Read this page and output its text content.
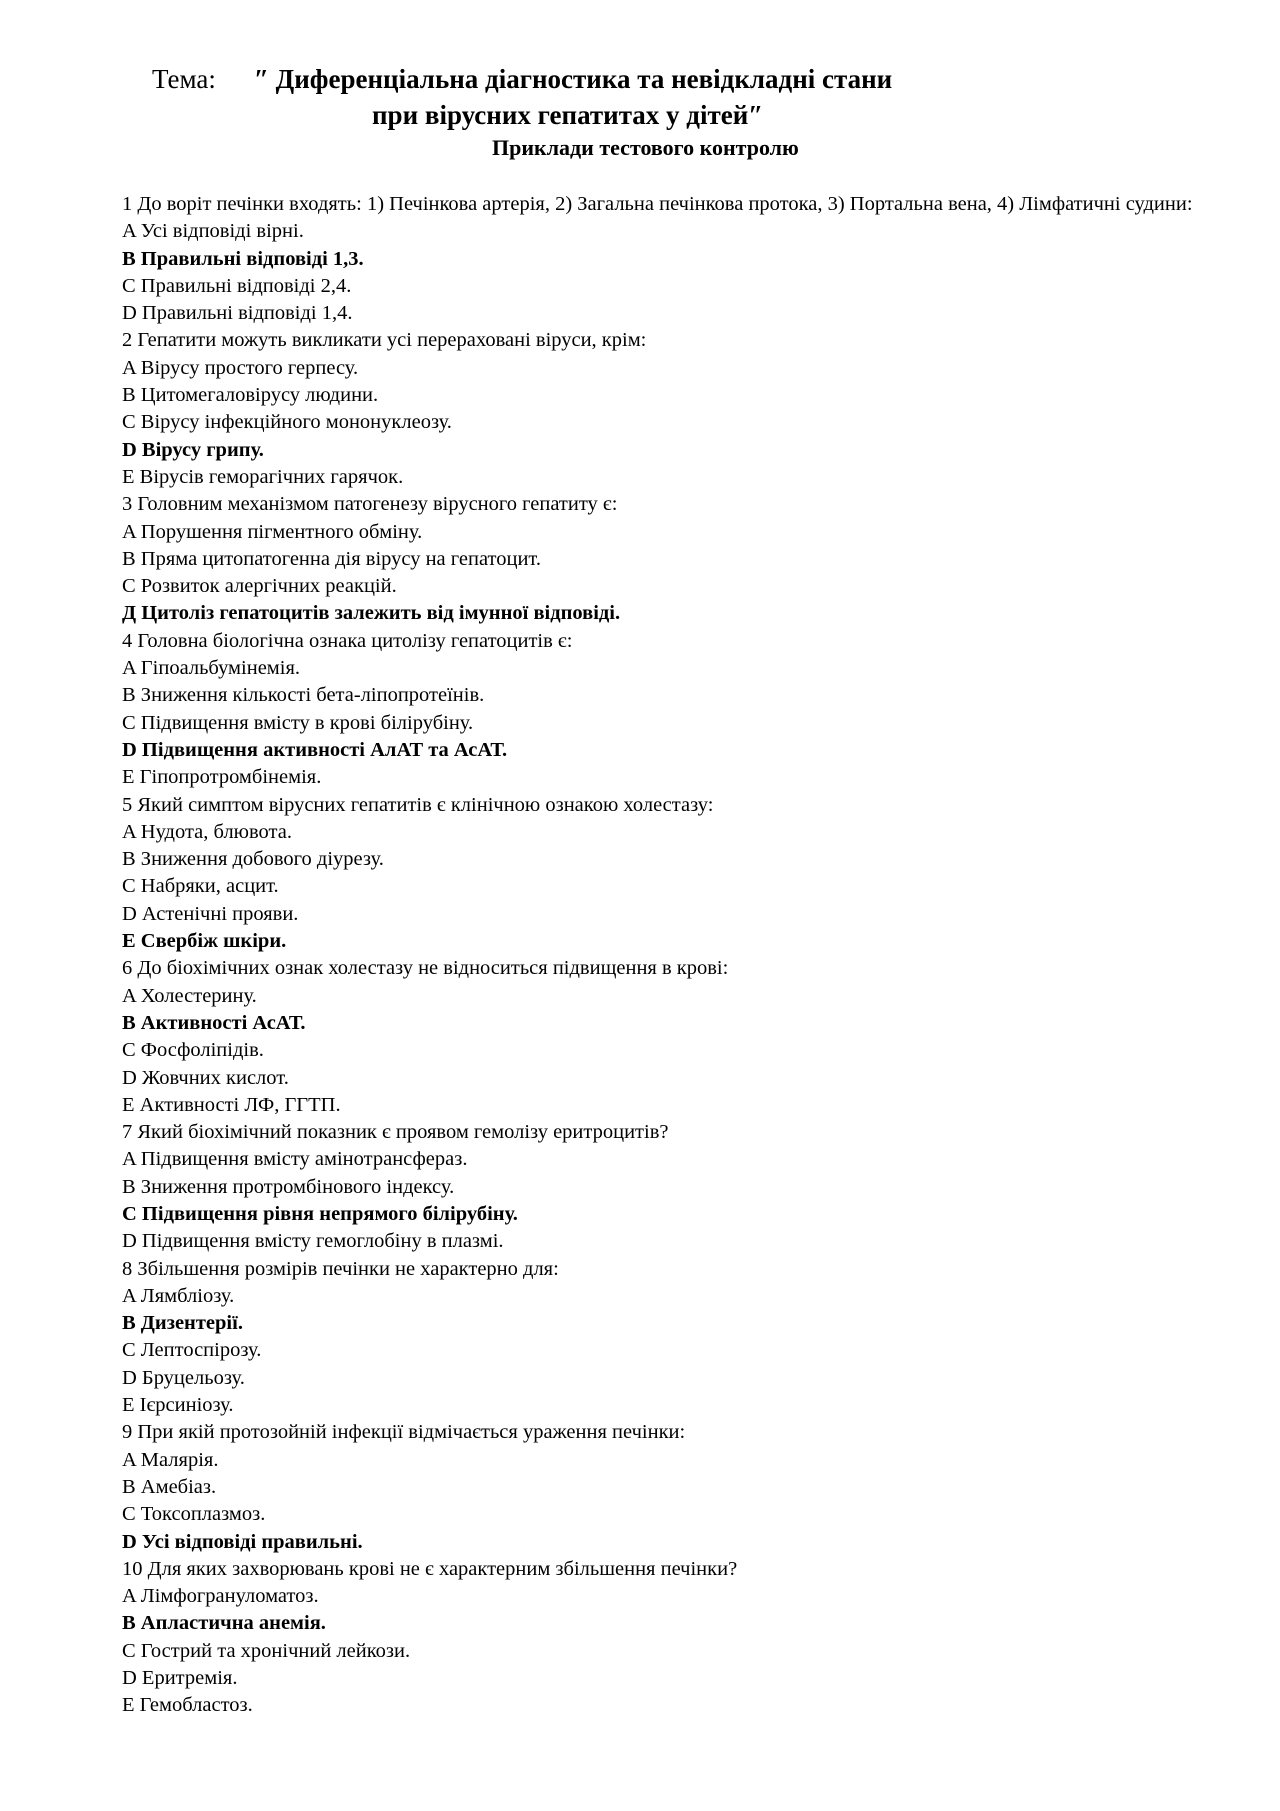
Тема: ″ Диференціальна діагностика та невідкладні стани
при вірусних гепатитах у дітей″
Приклади тестового контролю
1 До воріт печінки входять: 1) Печінкова артерія, 2) Загальна печінкова протока, 3) Портальна вена, 4) Лімфатичні судини:
A Усі відповіді вірні.
B Правильні відповіді 1,3.
C Правильні відповіді 2,4.
D Правильні відповіді 1,4.
2 Гепатити можуть викликати усі перераховані віруси, крім:
A Вірусу простого герпесу.
B Цитомегаловірусу людини.
C Вірусу інфекційного мононуклеозу.
D Вірусу грипу.
E Вірусів геморагічних гарячок.
3 Головним механізмом патогенезу вірусного гепатиту є:
A Порушення пігментного обміну.
B Пряма цитопатогенна дія вірусу на гепатоцит.
C Розвиток алергічних реакцій.
Д Цитоліз гепатоцитів залежить від імунної відповіді.
4 Головна біологічна ознака цитолізу гепатоцитів є:
A Гіпоальбумінемія.
B Зниження кількості бета-ліпопротеїнів.
C Підвищення вмісту в крові білірубіну.
D Підвищення активності АлАТ та АсАТ.
E Гіпопротромбінемія.
5 Який симптом вірусних гепатитів є клінічною ознакою холестазу:
A Нудота, блювота.
B Зниження добового діурезу.
C Набряки, асцит.
D Астенічні прояви.
E Свербіж шкіри.
6 До біохімічних ознак холестазу не відноситься підвищення в крові:
A Холестерину.
B Активності АсАТ.
C Фосфоліпідів.
D Жовчних кислот.
E Активності ЛФ, ГГТП.
7 Який біохімічний показник є проявом гемолізу еритроцитів?
A Підвищення вмісту амінотрансфераз.
B Зниження протромбінового індексу.
C Підвищення рівня непрямого білірубіну.
D Підвищення вмісту гемоглобіну в плазмі.
8 Збільшення розмірів печінки не характерно для:
A Лямбліозу.
B Дизентерії.
C Лептоспірозу.
D Бруцельозу.
E Ієрсиніозу.
9 При якій протозойній інфекції відмічається ураження печінки:
A Малярія.
B Амебіаз.
C Токсоплазмоз.
D Усі відповіді правильні.
10 Для яких захворювань крові не є характерним збільшення печінки?
A Лімфогрануломатоз.
B Апластична анемія.
C Гострий та хронічний лейкози.
D Еритремія.
E Гемобластоз.
